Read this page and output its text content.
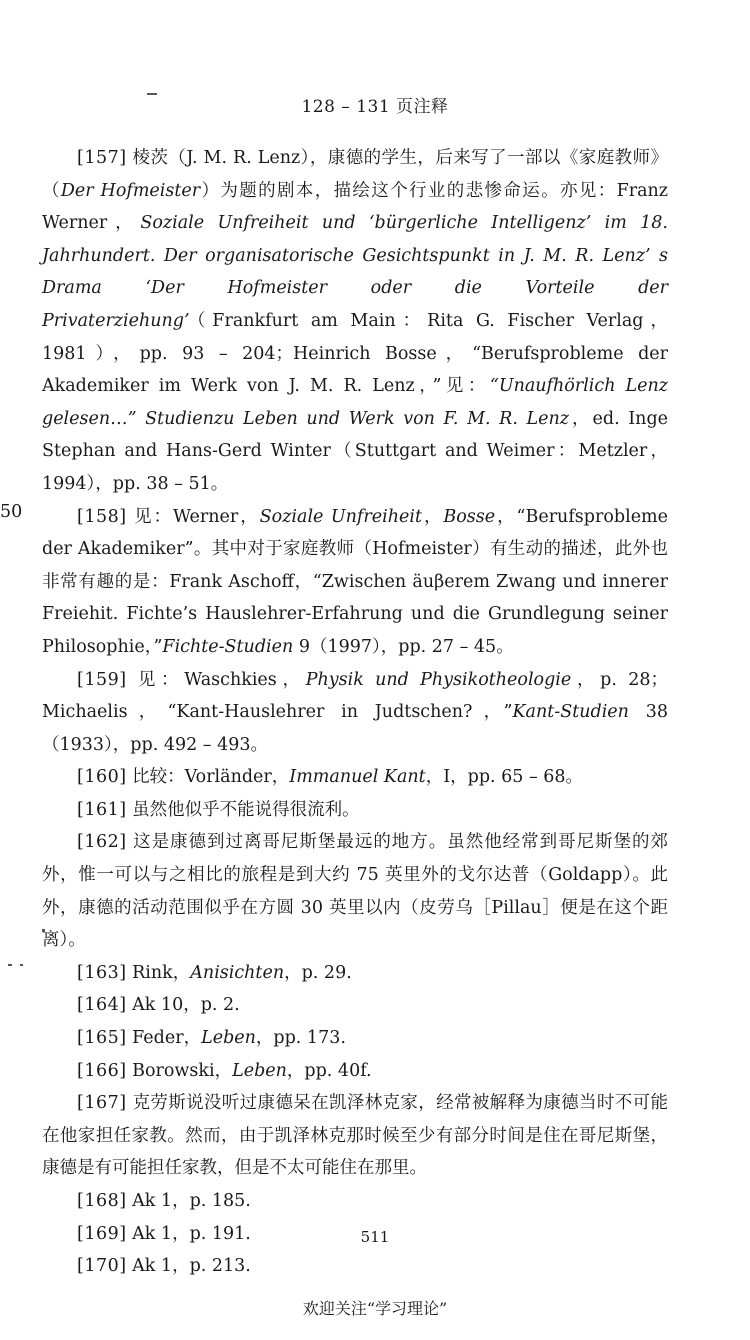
128 – 131 页注释
50

[157] 棱茨（J. M. R. Lenz），康德的学生，后来写了一部以《家庭教师》（Der Hofmeister）为题的剧本，描绘这个行业的悲惨命运。亦见：Franz Werner，Soziale Unfreiheit und ‘bürgerliche Intelligenz’ im 18. Jahrhundert. Der organisatorische Gesichtspunkt in J. M. R. Lenz’ s Drama ‘Der Hofmeister oder die Vorteile der Privaterziehung’（Frankfurt am Main：Rita G. Fischer Verlag，1981），pp. 93 – 204；Heinrich Bosse，“Berufsprobleme der Akademiker im Werk von J. M. R. Lenz，”见：“Unaufhörlich Lenz gelesen…” Studienzu Leben und Werk von F. M. R. Lenz，ed. Inge Stephan and Hans-Gerd Winter（Stuttgart and Weimer：Metzler，1994），pp. 38 – 51。

[158] 见：Werner，Soziale Unfreiheit，Bosse，“Berufsprobleme der Akademiker”。其中对于家庭教师（Hofmeister）有生动的描述，此外也非常有趣的是：Frank Aschoff，“Zwischen äuβerem Zwang und innerer Freiehit. Fichte’s Hauslehrer-Erfahrung und die Grundlegung seiner Philosophie，”Fichte-Studien 9（1997），pp. 27 – 45。

[159] 见：Waschkies，Physik und Physikotheologie，p. 28；Michaelis，“Kant-Hauslehrer in Judtschen?，”Kant-Studien 38（1933），pp. 492 – 493。

[160] 比较：Vorländer，Immanuel Kant，I，pp. 65 – 68。

[161] 虽然他似乎不能说得很流利。

[162] 这是康德到过离哥尼斯堡最远的地方。虽然他经常到哥尼斯堡的郊外，惟一可以与之相比的旅程是到大约 75 英里外的戈尔达普（Goldapp）。此外，康德的活动范围似乎在方圆 30 英里以内（皮劳乌［Pillau］便是在这个距离）。

[163] Rink，Anisichten，p. 29.

[164] Ak 10，p. 2.

[165] Feder，Leben，pp. 173.

[166] Borowski，Leben，pp. 40f.

[167] 克劳斯说没听过康德呆在凯泽林克家，经常被解释为康德当时不可能在他家担任家教。然而，由于凯泽林克那时候至少有部分时间是住在哥尼斯堡，康德是有可能担任家教，但是不太可能住在那里。

[168] Ak 1，p. 185.

[169] Ak 1，p. 191.

[170] Ak 1，p. 213.

511
欢迎关注“学习理论”
